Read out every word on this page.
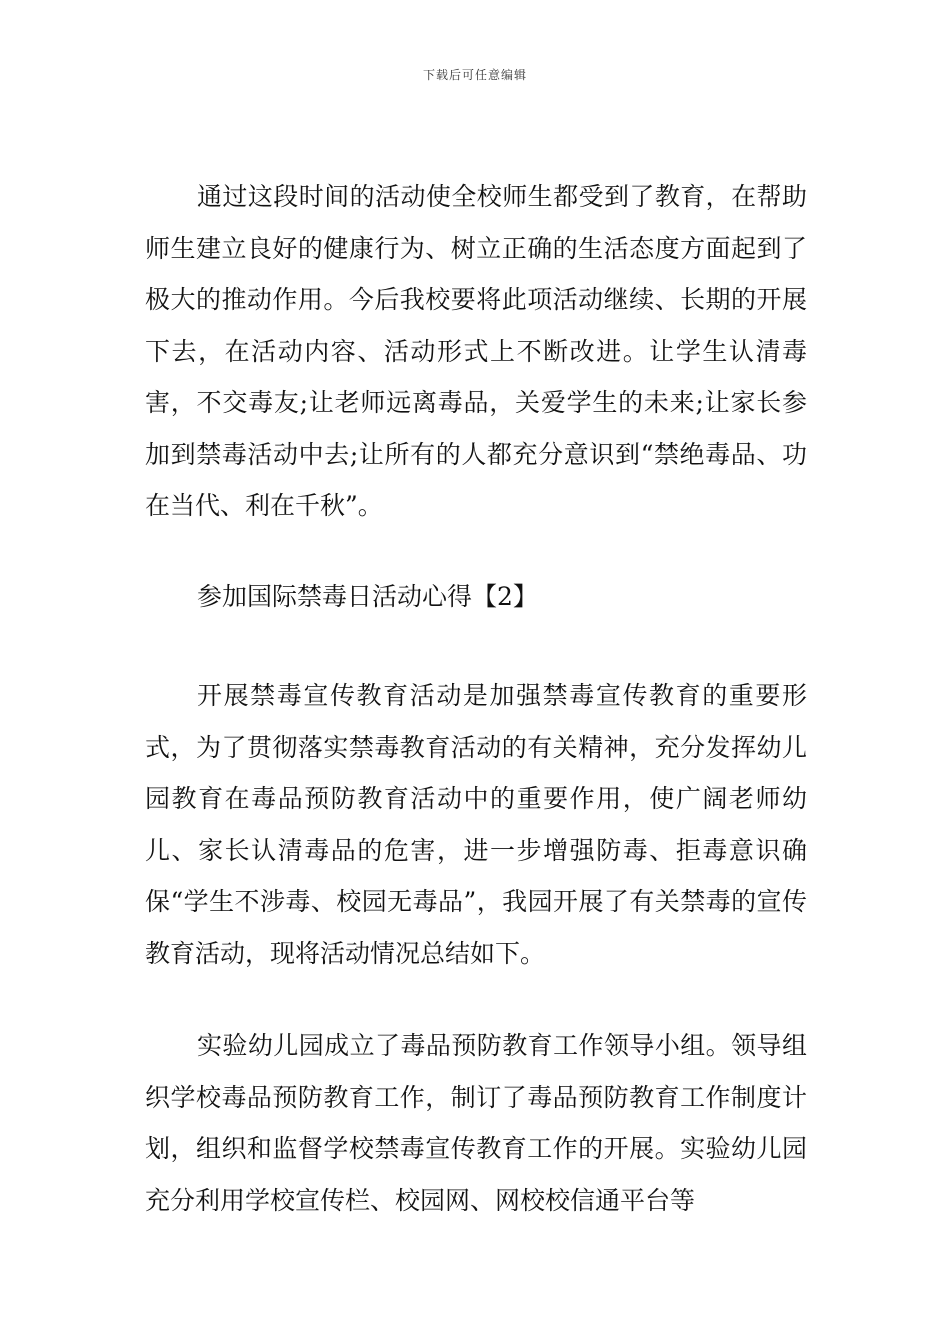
下载后可任意编辑

通过这段时间的活动使全校师生都受到了教育，在帮助师生建立良好的健康行为、树立正确的生活态度方面起到了极大的推动作用。今后我校要将此项活动继续、长期的开展下去，在活动内容、活动形式上不断改进。让学生认清毒害，不交毒友;让老师远离毒品，关爱学生的未来;让家长参加到禁毒活动中去;让所有的人都充分意识到“禁绝毒品、功在当代、利在千秋”。

参加国际禁毒日活动心得【2】

开展禁毒宣传教育活动是加强禁毒宣传教育的重要形式，为了贯彻落实禁毒教育活动的有关精神，充分发挥幼儿园教育在毒品预防教育活动中的重要作用，使广阔老师幼儿、家长认清毒品的危害，进一步增强防毒、拒毒意识确保“学生不涉毒、校园无毒品”，我园开展了有关禁毒的宣传教育活动，现将活动情况总结如下。

实验幼儿园成立了毒品预防教育工作领导小组。领导组织学校毒品预防教育工作，制订了毒品预防教育工作制度计划，组织和监督学校禁毒宣传教育工作的开展。实验幼儿园充分利用学校宣传栏、校园网、网校校信通平台等
